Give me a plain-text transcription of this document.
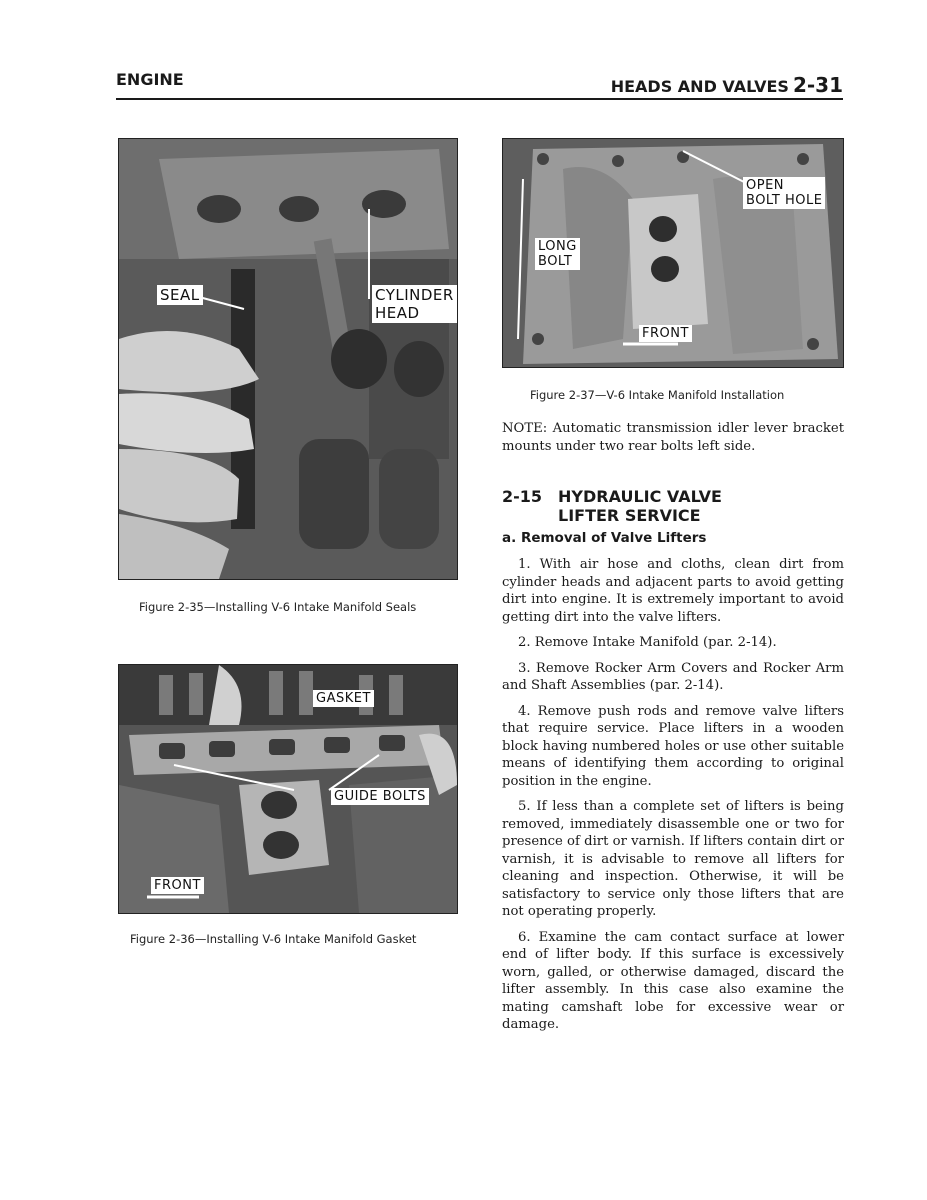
ENGINE	HEADS AND VALVES 2-31
SEAL	CYLINDER
HEAD
Figure 2-35—Installing V-6 Intake Manifold Seals
GASKET
GUIDE BOLTS
FRONT
Figure 2-36—Installing V-6 Intake Manifold Gasket
OPEN
BOLT HOLE
LONG
BOLT
FRONT
Figure 2-37—V-6 Intake Manifold Installation
NOTE: Automatic transmission idler lever bracket mounts under two rear bolts left side.
2-15 HYDRAULIC VALVE
LIFTER SERVICE
a. Removal of Valve Lifters

1. With air hose and cloths, clean dirt from cylinder heads and adjacent parts to avoid getting dirt into engine. It is extremely important to avoid getting dirt into the valve lifters.

2. Remove Intake Manifold (par. 2-14).

3. Remove Rocker Arm Covers and Rocker Arm and Shaft Assemblies (par. 2-14).

4. Remove push rods and remove valve lifters that require service. Place lifters in a wooden block having numbered holes or use other suitable means of identifying them according to original position in the engine.

5. If less than a complete set of lifters is being removed, immediately disassemble one or two for presence of dirt or varnish. If lifters contain dirt or varnish, it is advisable to remove all lifters for cleaning and inspection. Otherwise, it will be satisfactory to service only those lifters that are not operating properly.

6. Examine the cam contact surface at lower end of lifter body. If this surface is excessively worn, galled, or otherwise damaged, discard the lifter assembly. In this case also examine the mating camshaft lobe for excessive wear or damage.
